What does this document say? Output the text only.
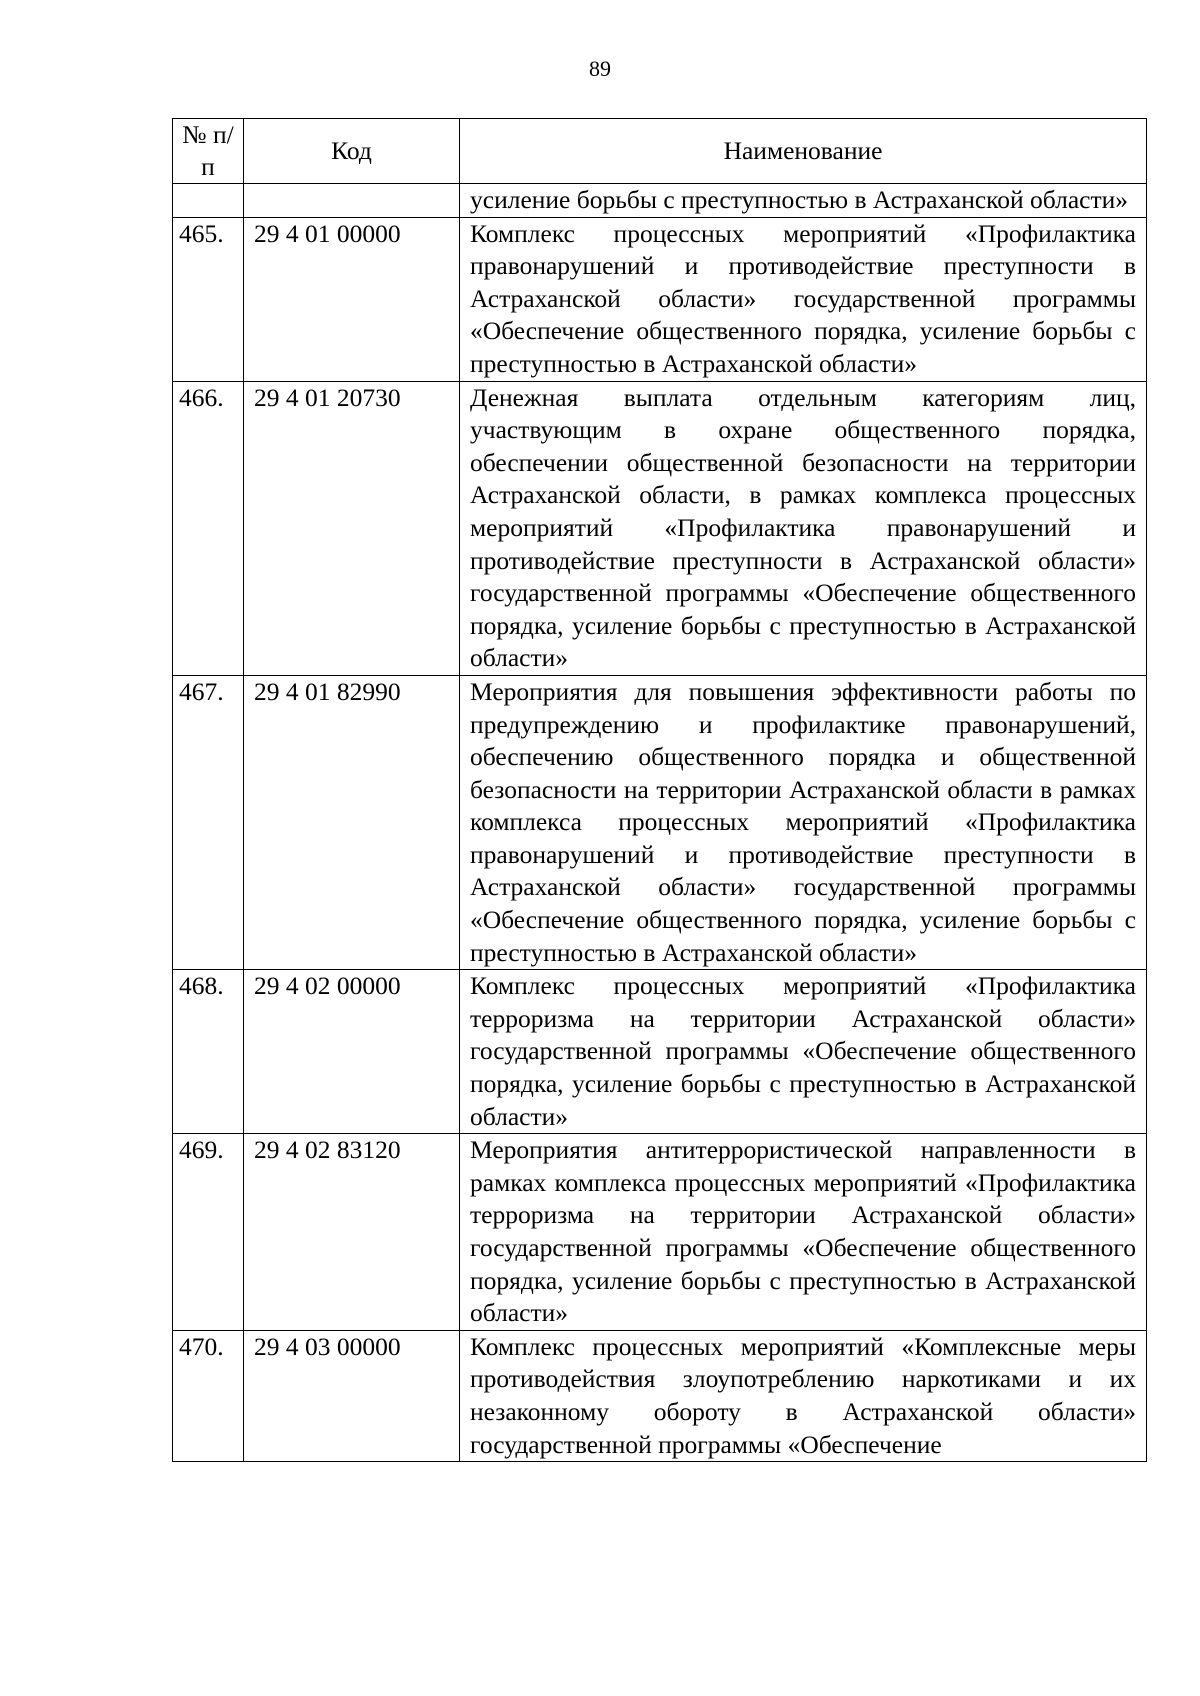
89
№ п/п	Код	Наименование
		усиление борьбы с преступностью в Астраханской области»
465.	29 4 01 00000	Комплекс процессных мероприятий «Профилактика правонарушений и противодействие преступности в Астраханской области» государственной программы «Обеспечение общественного порядка, усиление борьбы с преступностью в Астраханской области»
466.	29 4 01 20730	Денежная выплата отдельным категориям лиц, участвующим в охране общественного порядка, обеспечении общественной безопасности на территории Астраханской области, в рамках комплекса процессных мероприятий «Профилактика правонарушений и противодействие преступности в Астраханской области» государственной программы «Обеспечение общественного порядка, усиление борьбы с преступностью в Астраханской области»
467.	29 4 01 82990	Мероприятия для повышения эффективности работы по предупреждению и профилактике правонарушений, обеспечению общественного порядка и общественной безопасности на территории Астраханской области в рамках комплекса процессных мероприятий «Профилактика правонарушений и противодействие преступности в Астраханской области» государственной программы «Обеспечение общественного порядка, усиление борьбы с преступностью в Астраханской области»
468.	29 4 02 00000	Комплекс процессных мероприятий «Профилактика терроризма на территории Астраханской области» государственной программы «Обеспечение общественного порядка, усиление борьбы с преступностью в Астраханской области»
469.	29 4 02 83120	Мероприятия антитеррористической направленности в рамках комплекса процессных мероприятий «Профилактика терроризма на территории Астраханской области» государственной программы «Обеспечение общественного порядка, усиление борьбы с преступностью в Астраханской области»
470.	29 4 03 00000	Комплекс процессных мероприятий «Комплексные меры противодействия злоупотреблению наркотиками и их незаконному обороту в Астраханской области» государственной программы «Обеспечение
